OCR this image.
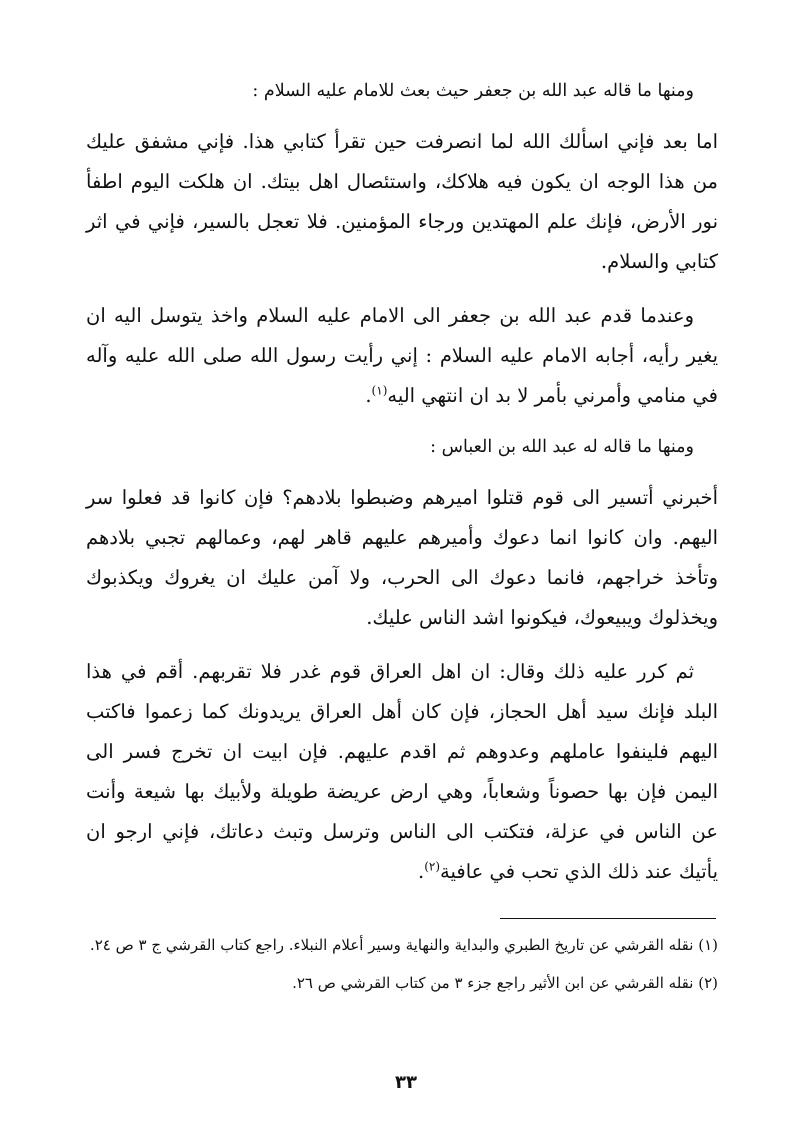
ومنها ما قاله عبد الله بن جعفر حيث بعث للامام عليه السلام :

اما بعد فإني اسألك الله لما انصرفت حين تقرأ كتابي هذا. فإني مشفق عليك من هذا الوجه ان يكون فيه هلاكك، واستئصال اهل بيتك. ان هلكت اليوم اطفأ نور الأرض، فإنك علم المهتدين ورجاء المؤمنين. فلا تعجل بالسير، فإني في اثر كتابي والسلام.

وعندما قدم عبد الله بن جعفر الى الامام عليه السلام واخذ يتوسل اليه ان يغير رأيه، أجابه الامام عليه السلام : إني رأيت رسول الله صلى الله عليه وآله في منامي وأمرني بأمر لا بد ان انتهي اليه$^{(١)}$.

ومنها ما قاله له عبد الله بن العباس :

أخبرني أتسير الى قوم قتلوا اميرهم وضبطوا بلادهم؟ فإن كانوا قد فعلوا سر اليهم. وان كانوا انما دعوك وأميرهم عليهم قاهر لهم، وعمالهم تجبي بلادهم وتأخذ خراجهم، فانما دعوك الى الحرب، ولا آمن عليك ان يغروك ويكذبوك ويخذلوك ويبيعوك، فيكونوا اشد الناس عليك.

ثم كرر عليه ذلك وقال: ان اهل العراق قوم غدر فلا تقربهم. أقم في هذا البلد فإنك سيد أهل الحجاز، فإن كان أهل العراق يريدونك كما زعموا فاكتب اليهم فلينفوا عاملهم وعدوهم ثم اقدم عليهم. فإن ابيت ان تخرج فسر الى اليمن فإن بها حصوناً وشعاباً، وهي ارض عريضة طويلة ولأبيك بها شيعة وأنت عن الناس في عزلة، فتكتب الى الناس وترسل وتبث دعاتك، فإني ارجو ان يأتيك عند ذلك الذي تحب في عافية$^{(٢)}$.

(١) نقله القرشي عن تاريخ الطبري والبداية والنهاية وسير أعلام النبلاء. راجع كتاب القرشي ج ٣ ص ٢٤.

(٢) نقله القرشي عن ابن الأثير راجع جزء ٣ من كتاب القرشي ص ٢٦.

٣٣
